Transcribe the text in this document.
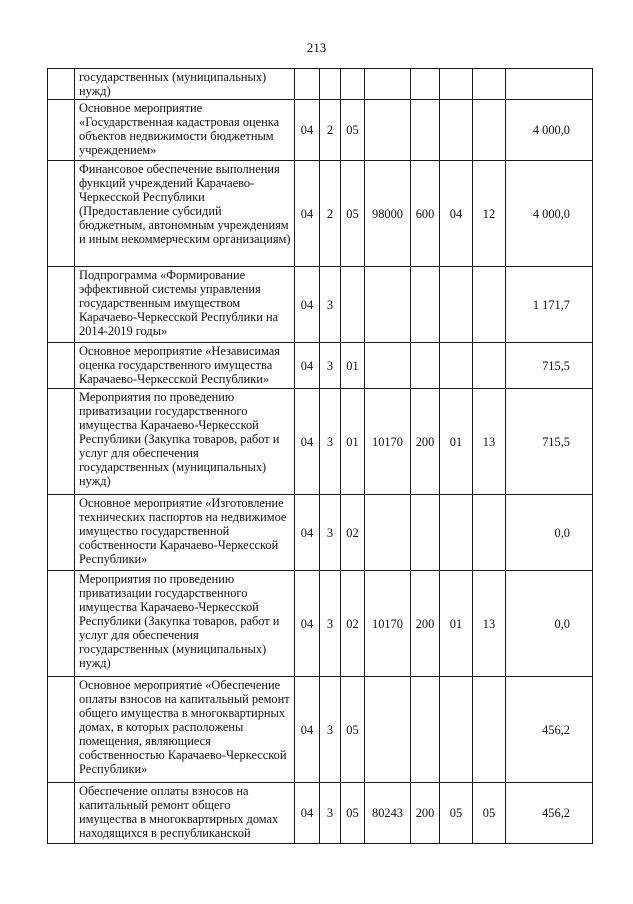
213
	государственных (муниципальных) нужд)								
	Основное мероприятие «Государственная кадастровая оценка объектов недвижимости бюджетным учреждением»	04	2	05					4 000,0
	Финансовое обеспечение выполнения функций учреждений Карачаево-Черкесской Республики (Предоставление субсидий бюджетным, автономным учреждениям и иным некоммерческим организациям)	04	2	05	98000	600	04	12	4 000,0
	Подпрограмма «Формирование эффективной системы управления государственным имуществом Карачаево-Черкесской Республики на 2014-2019 годы»	04	3						1 171,7
	Основное мероприятие «Независимая оценка государственного имущества Карачаево-Черкесской Республики»	04	3	01					715,5
	Мероприятия по проведению приватизации государственного имущества Карачаево-Черкесской Республики (Закупка товаров, работ и услуг для обеспечения государственных (муниципальных) нужд)	04	3	01	10170	200	01	13	715,5
	Основное мероприятие «Изготовление технических паспортов на недвижимое имущество государственной собственности Карачаево-Черкесской Республики»	04	3	02					0,0
	Мероприятия по проведению приватизации государственного имущества Карачаево-Черкесской Республики (Закупка товаров, работ и услуг для обеспечения государственных (муниципальных) нужд)	04	3	02	10170	200	01	13	0,0
	Основное мероприятие «Обеспечение оплаты взносов на капитальный ремонт общего имущества в многоквартирных домах, в которых расположены помещения, являющиеся собственностью Карачаево-Черкесской Республики»	04	3	05					456,2
	Обеспечение оплаты взносов на капитальный ремонт общего имущества в многоквартирных домах находящихся в республиканской	04	3	05	80243	200	05	05	456,2
